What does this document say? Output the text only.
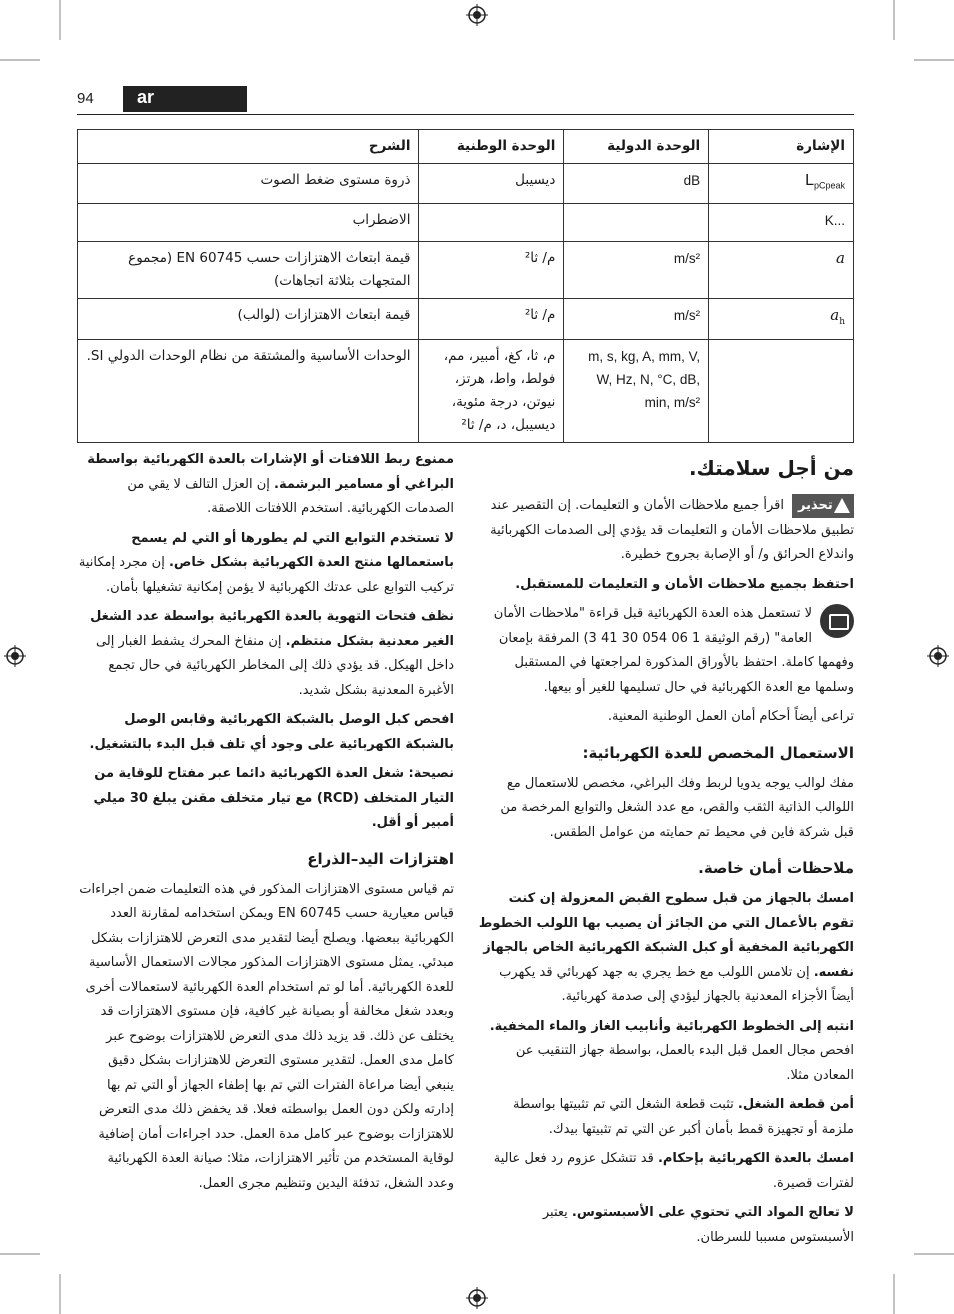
94 ar
الإشارة	الوحدة الدولية	الوحدة الوطنية	الشرح
$L_{pCpeak}$	dB	ديسيبل	ذروة مستوى ضغط الصوت
K...			الاضطراب
a	m/s²	م/ ثا²	قيمة ابتعاث الاهتزازات حسب EN 60745 (مجموع المتجهات بثلاثة اتجاهات)
$a_h$	m/s²	م/ ثا²	قيمة ابتعاث الاهتزازات (لوالب)
	m, s, kg, A, mm, V, W, Hz, N, °C, dB, min, m/s²	م، ثا، كغ، أمبير، مم، فولط، واط، هرتز، نيوتن، درجة مئوية، ديسيبل، د، م/ ثا²	الوحدات الأساسية والمشتقة من نظام الوحدات الدولي SI.
من أجل سلامتك.

تحذير
اقرأ جميع ملاحظات الأمان و التعليمات. إن التقصير عند تطبيق ملاحظات الأمان و التعليمات قد يؤدي إلى الصدمات الكهربائية واندلاع الحرائق و/ أو الإصابة بجروح خطيرة.

احتفظ بجميع ملاحظات الأمان و التعليمات للمستقبل.

لا تستعمل هذه العدة الكهربائية قبل قراءة "ملاحظات الأمان العامة" (رقم الوثيقة 1 06 054 30 41 3) المرفقة بإمعان وفهمها كاملة. احتفظ بالأوراق المذكورة لمراجعتها في المستقبل وسلمها مع العدة الكهربائية في حال تسليمها للغير أو بيعها.

تراعى أيضاً أحكام أمان العمل الوطنية المعنية.

الاستعمال المخصص للعدة الكهربائية:

مفك لوالب يوجه يدويا لربط وفك البراغي، مخصص للاستعمال مع اللوالب الذاتية الثقب والقص، مع عدد الشغل والتوابع المرخصة من قبل شركة فاين في محيط تم حمايته من عوامل الطقس.

ملاحظات أمان خاصة.

امسك بالجهاز من قبل سطوح القبض المعزولة إن كنت تقوم بالأعمال التي من الجائز أن يصيب بها اللولب الخطوط الكهربائية المخفية أو كبل الشبكة الكهربائية الخاص بالجهاز نفسه. إن تلامس اللولب مع خط يجري به جهد كهربائي قد يكهرب أيضاً الأجزاء المعدنية بالجهاز ليؤدي إلى صدمة كهربائية.

انتبه إلى الخطوط الكهربائية وأنابيب الغاز والماء المخفية. افحص مجال العمل قبل البدء بالعمل، بواسطة جهاز التنقيب عن المعادن مثلا.

أمن قطعة الشغل. تثبت قطعة الشغل التي تم تثبيتها بواسطة ملزمة أو تجهيزة قمط بأمان أكبر عن التي تم تثبيتها بيدك.

امسك بالعدة الكهربائية بإحكام. قد تتشكل عزوم رد فعل عالية لفترات قصيرة.

لا تعالج المواد التي تحتوي على الأسبستوس. يعتبر الأسبستوس مسببا للسرطان.

ممنوع ربط اللافتات أو الإشارات بالعدة الكهربائية بواسطة البراغي أو مسامير البرشمة. إن العزل التالف لا يقي من الصدمات الكهربائية. استخدم اللافتات اللاصقة.

لا تستخدم التوابع التي لم يطورها أو التي لم يسمح باستعمالها منتج العدة الكهربائية بشكل خاص. إن مجرد إمكانية تركيب التوابع على عدتك الكهربائية لا يؤمن إمكانية تشغيلها بأمان.

نظف فتحات التهوية بالعدة الكهربائية بواسطة عدد الشغل الغير معدنية بشكل منتظم. إن منفاخ المحرك يشفط الغبار إلى داخل الهيكل. قد يؤدي ذلك إلى المخاطر الكهربائية في حال تجمع الأغبرة المعدنية بشكل شديد.

افحص كبل الوصل بالشبكة الكهربائية وقابس الوصل بالشبكة الكهربائية على وجود أي تلف قبل البدء بالتشغيل.

نصيحة: شغل العدة الكهربائية دائما عبر مفتاح للوقاية من التيار المتخلف (RCD) مع تيار متخلف مقنن يبلغ 30 ميلي أمبير أو أقل.

اهتزازات اليد–الذراع

تم قياس مستوى الاهتزازات المذكور في هذه التعليمات ضمن اجراءات قياس معيارية حسب EN 60745 ويمكن استخدامه لمقارنة العدد الكهربائية ببعضها. ويصلح أيضا لتقدير مدى التعرض للاهتزازات بشكل مبدئي. يمثل مستوى الاهتزازات المذكور مجالات الاستعمال الأساسية للعدة الكهربائية. أما لو تم استخدام العدة الكهربائية لاستعمالات أخرى وبعدد شغل مخالفة أو بصيانة غير كافية، فإن مستوى الاهتزازات قد يختلف عن ذلك. قد يزيد ذلك مدى التعرض للاهتزازات بوضوح عبر كامل مدى العمل. لتقدير مستوى التعرض للاهتزازات بشكل دقيق ينبغي أيضا مراعاة الفترات التي تم بها إطفاء الجهاز أو التي تم بها إدارته ولكن دون العمل بواسطته فعلا. قد يخفض ذلك مدى التعرض للاهتزازات بوضوح عبر كامل مدة العمل. حدد اجراءات أمان إضافية لوقاية المستخدم من تأثير الاهتزازات، مثلا: صيانة العدة الكهربائية وعدد الشغل، تدفئة اليدين وتنظيم مجرى العمل.
